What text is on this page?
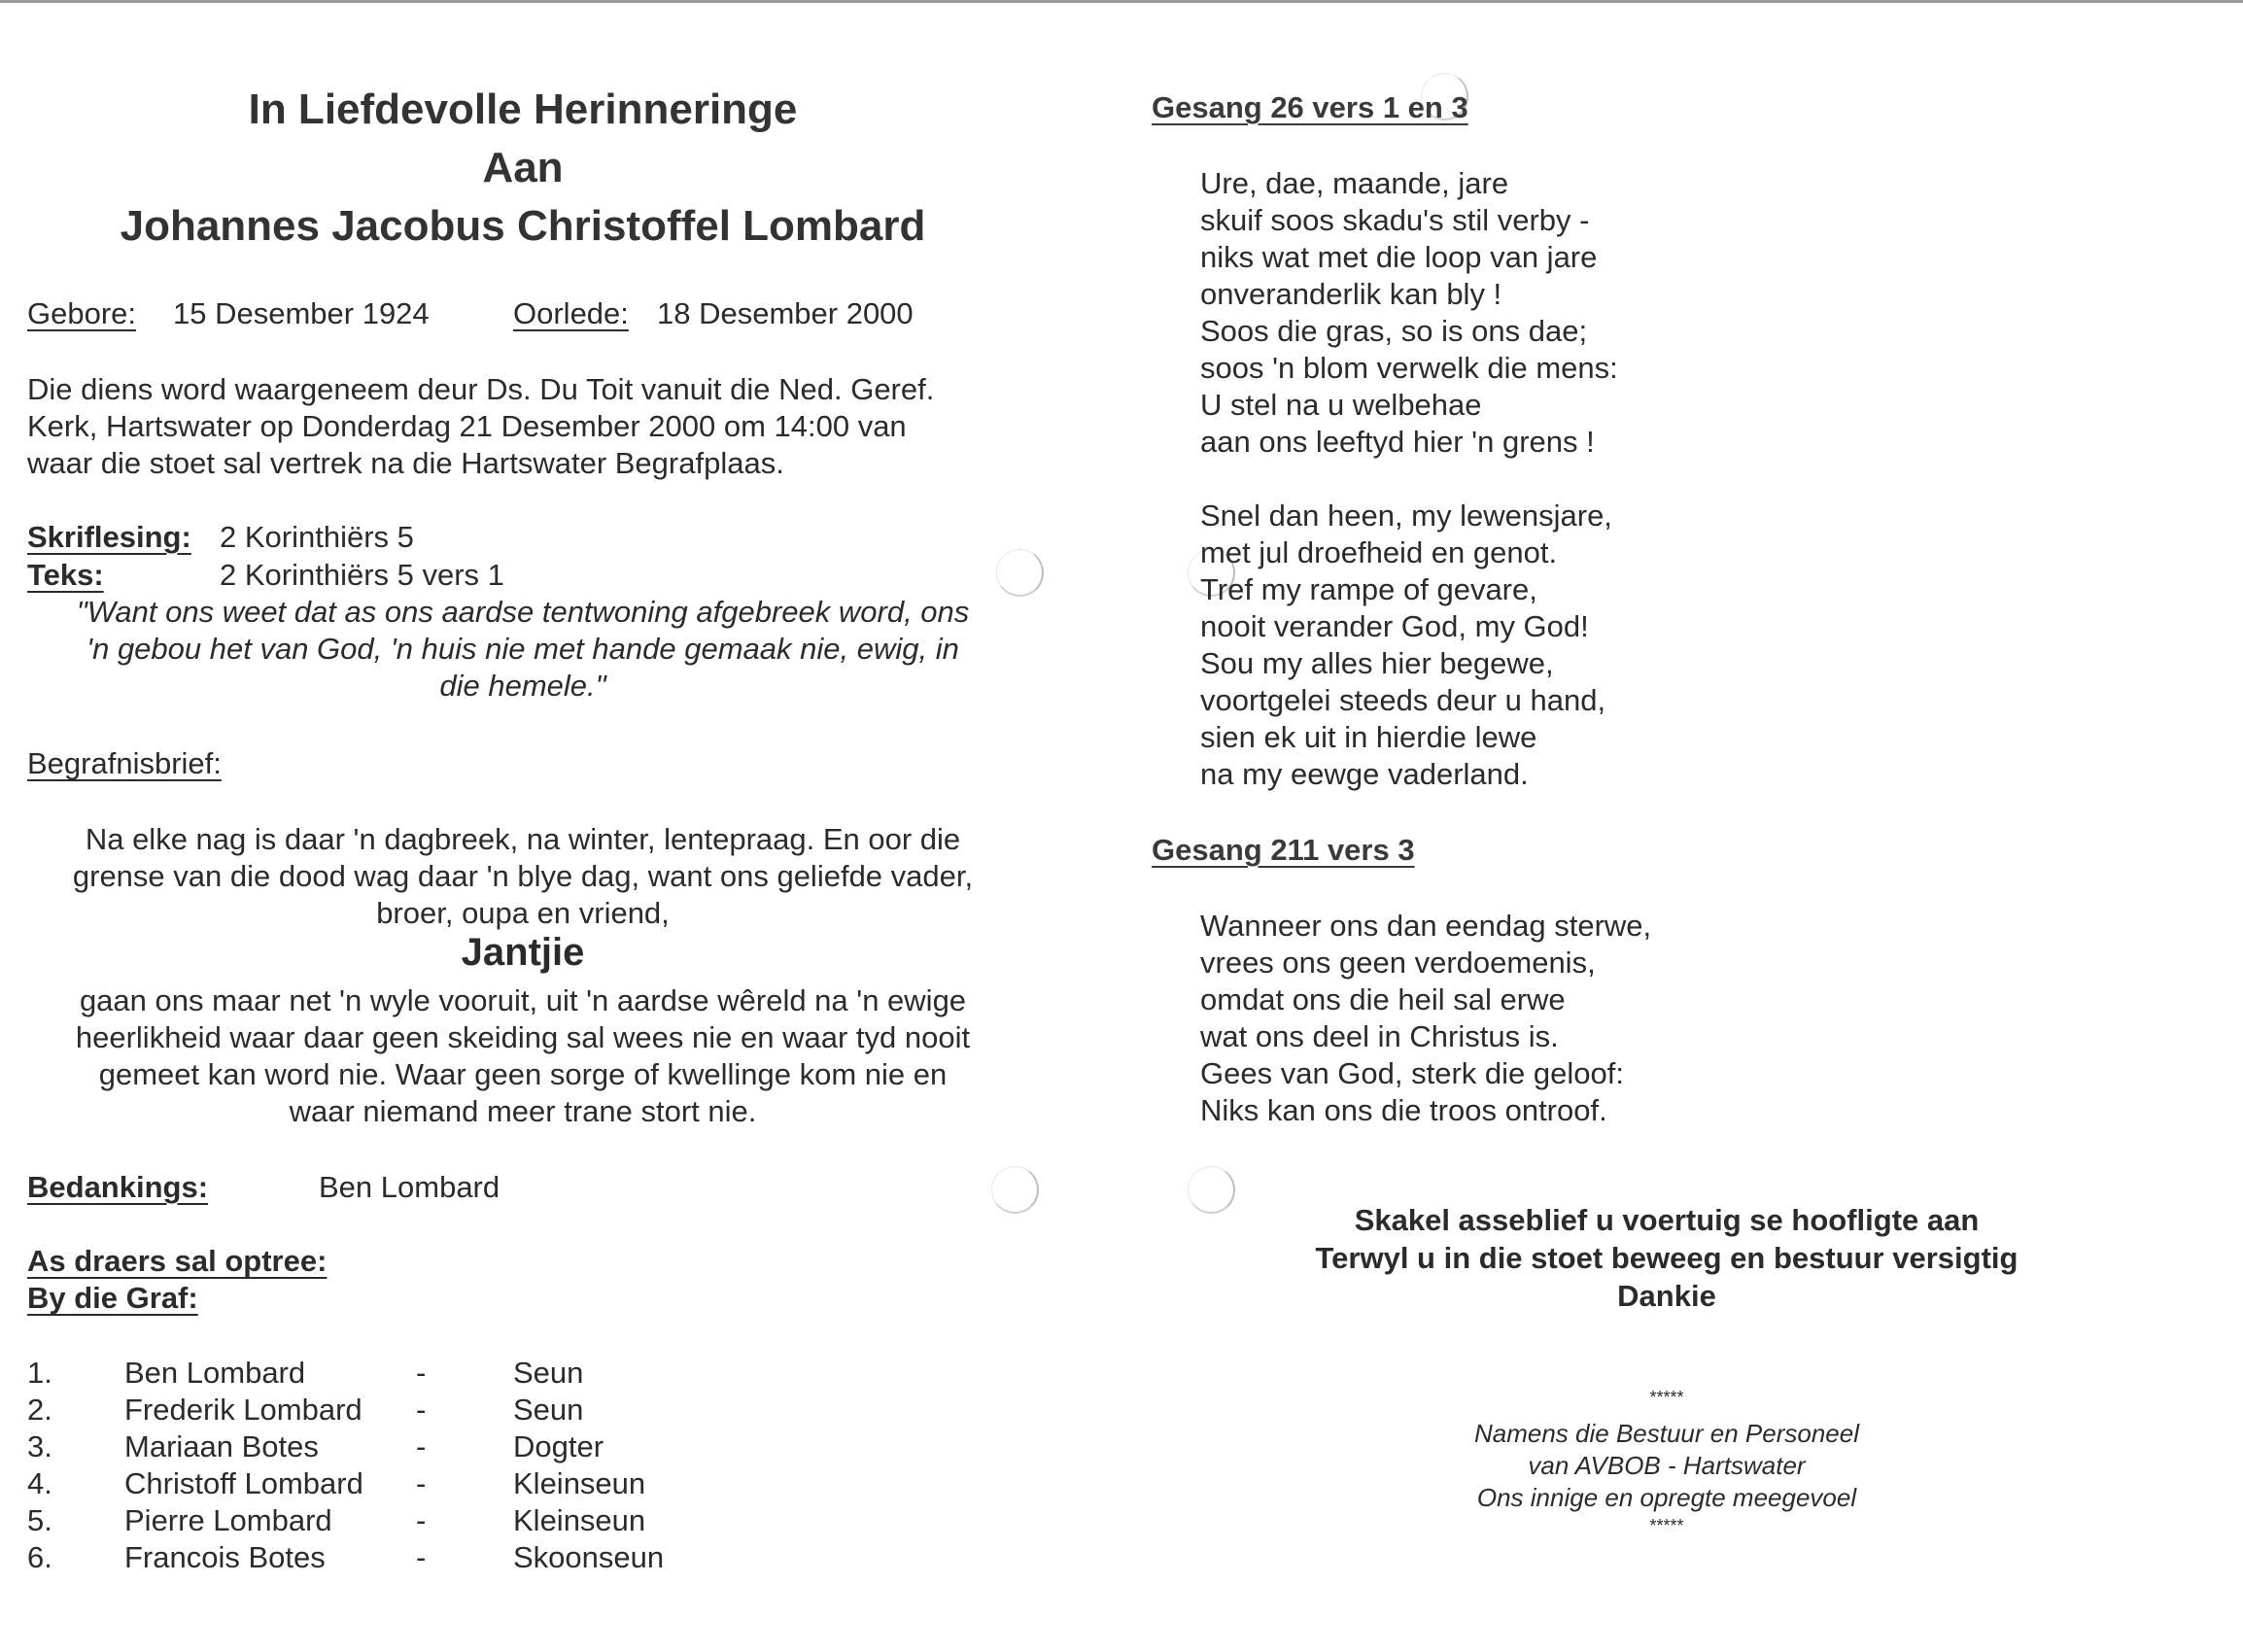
In Liefdevolle Herinneringe
Aan
Johannes Jacobus Christoffel Lombard
Gebore: 15 Desember 1924	Oorlede: 18 Desember 2000
Die diens word waargeneem deur Ds. Du Toit vanuit die Ned. Geref.
Kerk, Hartswater op Donderdag 21 Desember 2000 om 14:00 van
waar die stoet sal vertrek na die Hartswater Begrafplaas.
Skriflesing: 2 Korinthiërs 5
Teks:	2 Korinthiërs 5 vers 1
"Want ons weet dat as ons aardse tentwoning afgebreek word, ons
'n gebou het van God, 'n huis nie met hande gemaak nie, ewig, in
die hemele."
Begrafnisbrief:
Na elke nag is daar 'n dagbreek, na winter, lentepraag. En oor die
grense van die dood wag daar 'n blye dag, want ons geliefde vader,
broer, oupa en vriend,
Jantjie
gaan ons maar net 'n wyle vooruit, uit 'n aardse wêreld na 'n ewige
heerlikheid waar daar geen skeiding sal wees nie en waar tyd nooit
gemeet kan word nie. Waar geen sorge of kwellinge kom nie en
waar niemand meer trane stort nie.
Bedankings:	Ben Lombard
As draers sal optree:
By die Graf:
1. Ben Lombard	-	Seun
2. Frederik Lombard -	Seun
3. Mariaan Botes	-	Dogter
4. Christoff Lombard -	Kleinseun
5. Pierre Lombard	-	Kleinseun
6. Francois Botes	-	Skoonseun
Gesang 26 vers 1 en 3
Ure, dae, maande, jare
skuif soos skadu's stil verby -
niks wat met die loop van jare
onveranderlik kan bly !
Soos die gras, so is ons dae;
soos 'n blom verwelk die mens:
U stel na u welbehae
aan ons leeftyd hier 'n grens !
Snel dan heen, my lewensjare,
met jul droefheid en genot.
Tref my rampe of gevare,
nooit verander God, my God!
Sou my alles hier begewe,
voortgelei steeds deur u hand,
sien ek uit in hierdie lewe
na my eewge vaderland.
Gesang 211 vers 3
Wanneer ons dan eendag sterwe,
vrees ons geen verdoemenis,
omdat ons die heil sal erwe
wat ons deel in Christus is.
Gees van God, sterk die geloof:
Niks kan ons die troos ontroof.
Skakel asseblief u voertuig se hoofligte aan
Terwyl u in die stoet beweeg en bestuur versigtig
Dankie
*****
Namens die Bestuur en Personeel
van AVBOB - Hartswater
Ons innige en opregte meegevoel
*****
